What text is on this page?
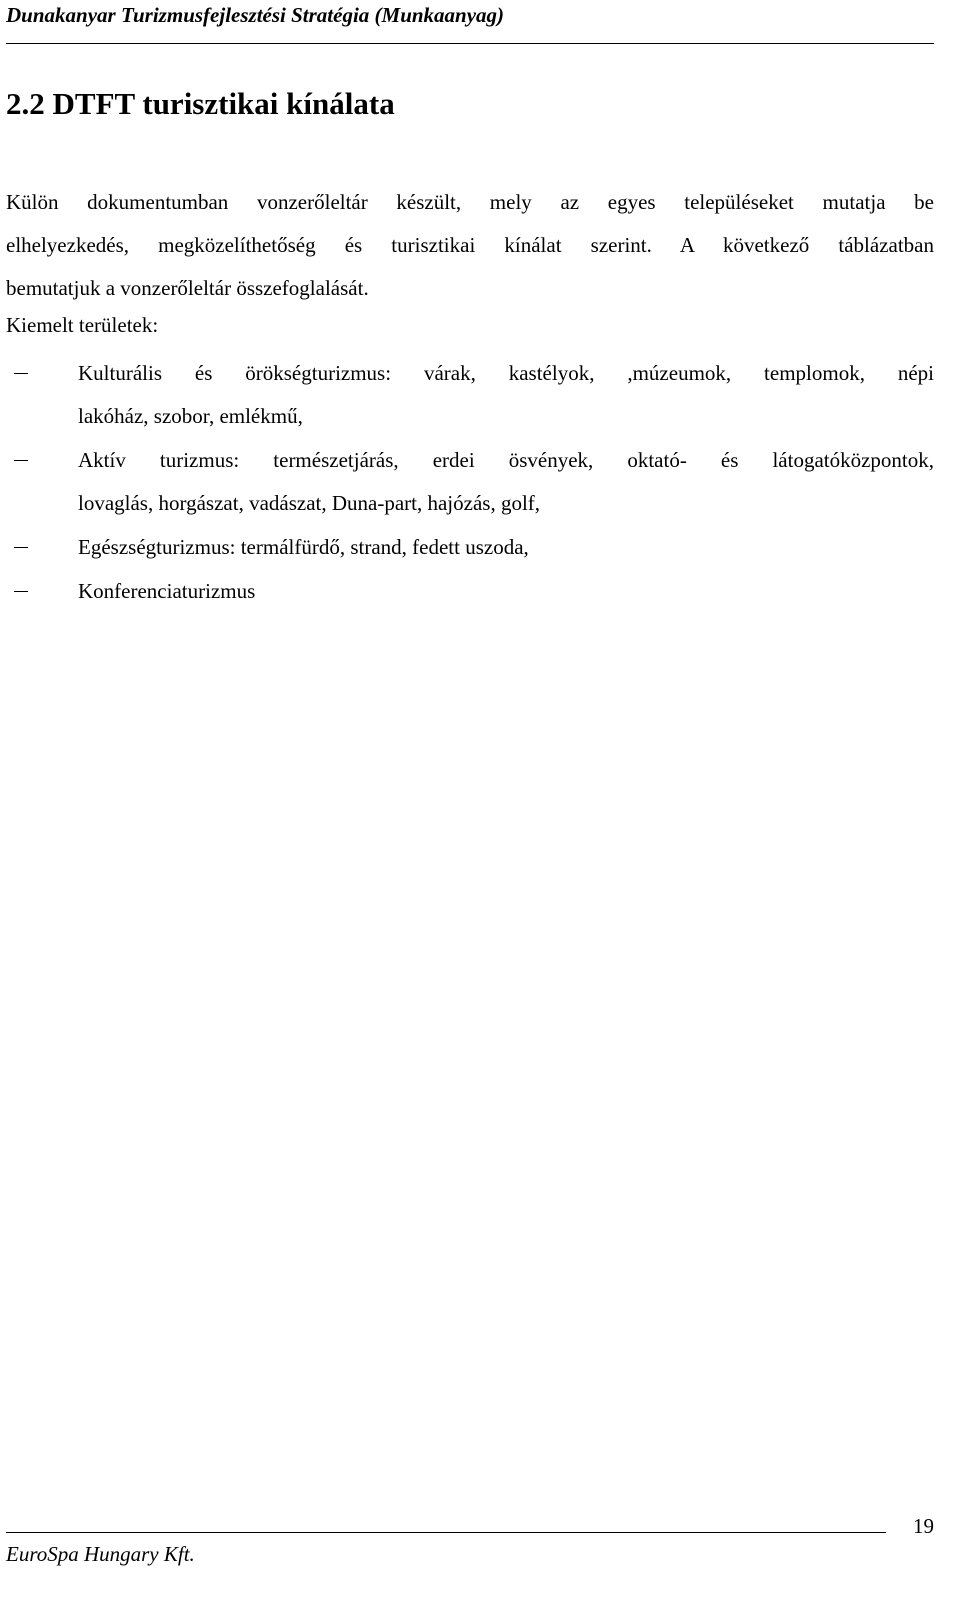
Dunakanyar Turizmusfejlesztési Stratégia (Munkaanyag)
2.2 DTFT turisztikai kínálata
Külön dokumentumban vonzerőleltár készült, mely az egyes településeket mutatja be
elhelyezkedés, megközelíthetőség és turisztikai kínálat szerint. A következő táblázatban
bemutatjuk a vonzerőleltár összefoglalását.
Kiemelt területek:
Kulturális és örökségturizmus: várak, kastélyok, ,múzeumok, templomok, népi
lakóház, szobor, emlékmű,
Aktív turizmus: természetjárás, erdei ösvények, oktató- és látogatóközpontok,
lovaglás, horgászat, vadászat, Duna-part, hajózás, golf,
Egészségturizmus: termálfürdő, strand, fedett uszoda,
Konferenciaturizmus
19
EuroSpa Hungary Kft.
